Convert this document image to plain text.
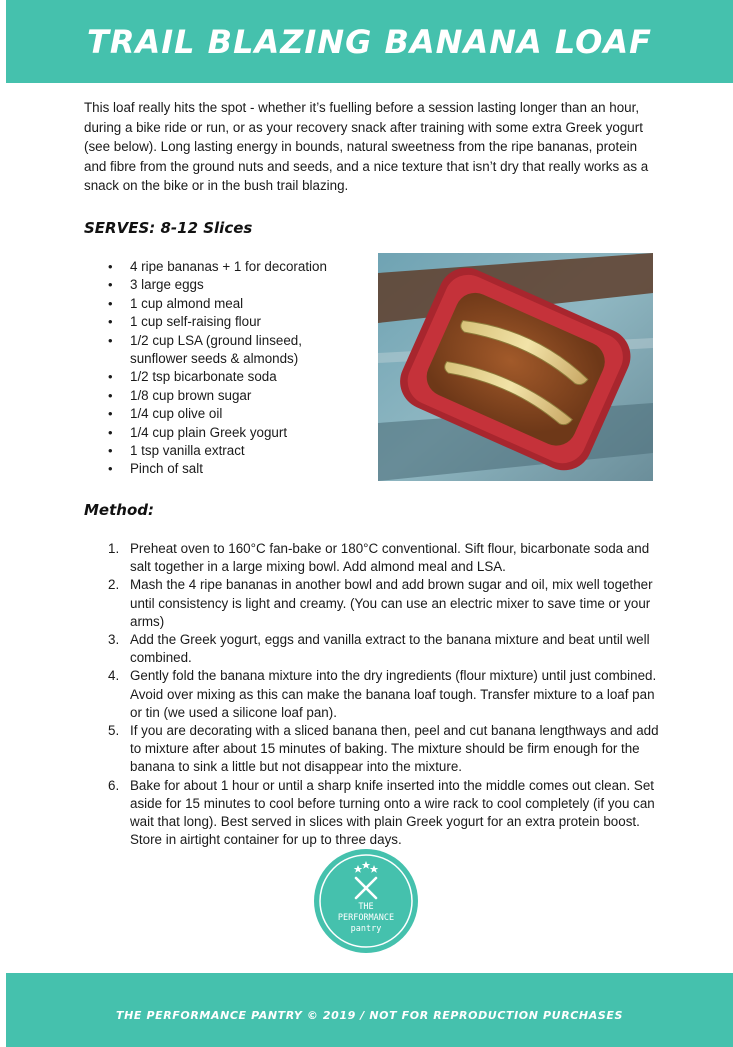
TRAIL BLAZING BANANA LOAF

This loaf really hits the spot - whether it’s fuelling before a session lasting longer than an hour, during a bike ride or run, or as your recovery snack after training with some extra Greek yogurt (see below). Long lasting energy in bounds, natural sweetness from the ripe bananas, protein and fibre from the ground nuts and seeds, and a nice texture that isn’t dry that really works as a snack on the bike or in the bush trail blazing.

SERVES: 8-12 Slices
• 4 ripe bananas + 1 for decoration
• 3 large eggs
• 1 cup almond meal
• 1 cup self-raising flour
• 1/2 cup LSA (ground linseed, sunflower seeds & almonds)
• 1/2 tsp bicarbonate soda
• 1/8 cup brown sugar
• 1/4 cup olive oil
• 1/4 cup plain Greek yogurt
• 1 tsp vanilla extract
• Pinch of salt
Method:
1. Preheat oven to 160°C fan-bake or 180°C conventional. Sift flour, bicarbonate soda and salt together in a large mixing bowl. Add almond meal and LSA.
2. Mash the 4 ripe bananas in another bowl and add brown sugar and oil, mix well together until consistency is light and creamy. (You can use an electric mixer to save time or your arms)
3. Add the Greek yogurt, eggs and vanilla extract to the banana mixture and beat until well combined.
4. Gently fold the banana mixture into the dry ingredients (flour mixture) until just combined. Avoid over mixing as this can make the banana loaf tough. Transfer mixture to a loaf pan or tin (we used a silicone loaf pan).
5. If you are decorating with a sliced banana then, peel and cut banana lengthways and add to mixture after about 15 minutes of baking. The mixture should be firm enough for the banana to sink a little but not disappear into the mixture.
6. Bake for about 1 hour or until a sharp knife inserted into the middle comes out clean. Set aside for 15 minutes to cool before turning onto a wire rack to cool completely (if you can wait that long). Best served in slices with plain Greek yogurt for an extra protein boost. Store in airtight container for up to three days.
THE
PERFORMANCE
pantry
THE PERFORMANCE PANTRY © 2019 / NOT FOR REPRODUCTION PURCHASES
